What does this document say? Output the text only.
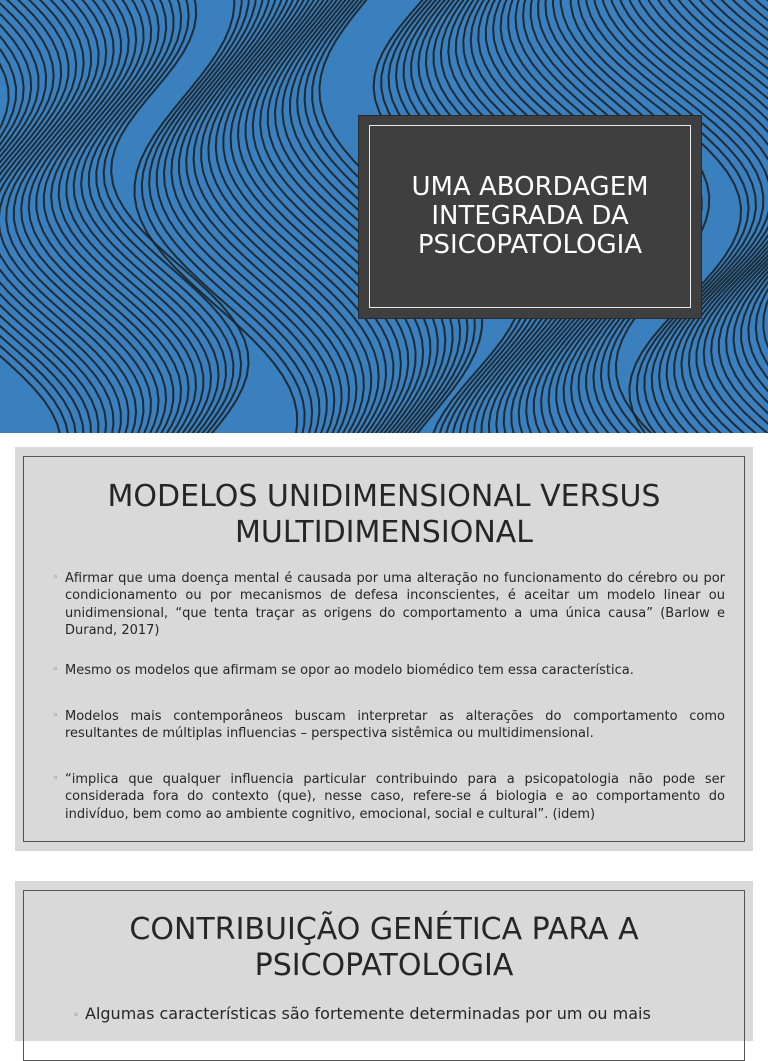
UMA ABORDAGEM INTEGRADA DA PSICOPATOLOGIA
MODELOS UNIDIMENSIONAL VERSUS MULTIDIMENSIONAL
◦ Afirmar que uma doença mental é causada por uma alteração no funcionamento do cérebro ou por condicionamento ou por mecanismos de defesa inconscientes, é aceitar um modelo linear ou unidimensional, “que tenta traçar as origens do comportamento a uma única causa” (Barlow e Durand, 2017)
◦ Mesmo os modelos que afirmam se opor ao modelo biomédico tem essa característica.
◦ Modelos mais contemporâneos buscam interpretar as alterações do comportamento como resultantes de múltiplas influencias – perspectiva sistêmica ou multidimensional.
◦ “implica que qualquer influencia particular contribuindo para a psicopatologia não pode ser considerada fora do contexto (que), nesse caso, refere-se á biologia e ao comportamento do indivíduo, bem como ao ambiente cognitivo, emocional, social e cultural”. (idem)
CONTRIBUIÇÃO GENÉTICA PARA A PSICOPATOLOGIA
◦ Algumas características são fortemente determinadas por um ou mais
